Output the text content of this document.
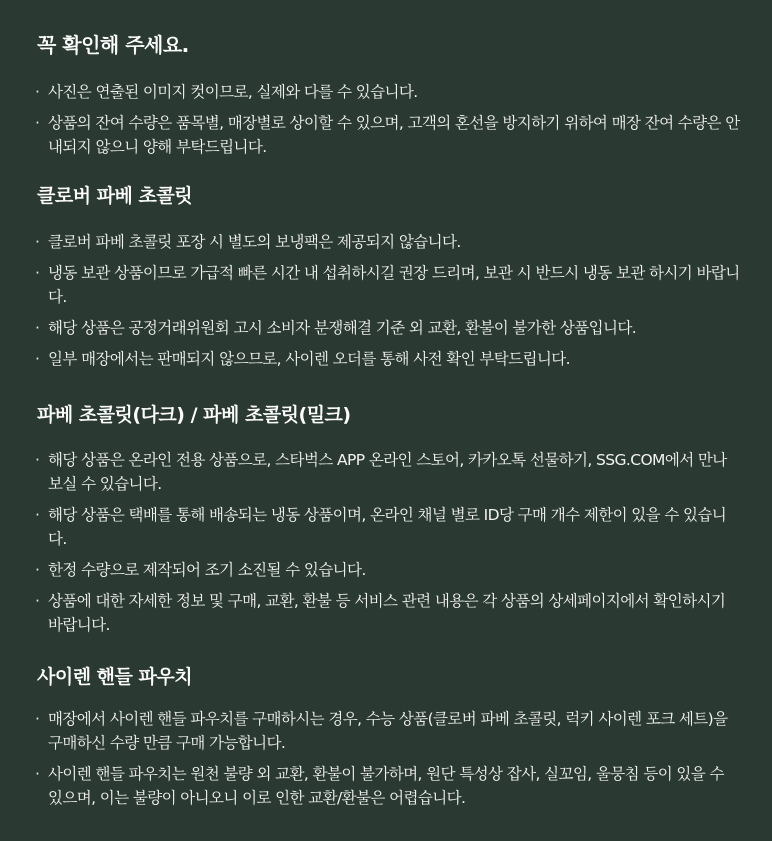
꼭 확인해 주세요.
· 사진은 연출된 이미지 컷이므로, 실제와 다를 수 있습니다.
· 상품의 잔여 수량은 품목별, 매장별로 상이할 수 있으며, 고객의 혼선을 방지하기 위하여 매장 잔여 수량은 안내되지 않으니 양해 부탁드립니다.
클로버 파베 초콜릿
· 클로버 파베 초콜릿 포장 시 별도의 보냉팩은 제공되지 않습니다.
· 냉동 보관 상품이므로 가급적 빠른 시간 내 섭취하시길 권장 드리며, 보관 시 반드시 냉동 보관 하시기 바랍니다.
· 해당 상품은 공정거래위원회 고시 소비자 분쟁해결 기준 외 교환, 환불이 불가한 상품입니다.
· 일부 매장에서는 판매되지 않으므로, 사이렌 오더를 통해 사전 확인 부탁드립니다.
파베 초콜릿(다크) / 파베 초콜릿(밀크)
· 해당 상품은 온라인 전용 상품으로, 스타벅스 APP 온라인 스토어, 카카오톡 선물하기, SSG.COM에서 만나 보실 수 있습니다.
· 해당 상품은 택배를 통해 배송되는 냉동 상품이며, 온라인 채널 별로 ID당 구매 개수 제한이 있을 수 있습니다.
· 한정 수량으로 제작되어 조기 소진될 수 있습니다.
· 상품에 대한 자세한 정보 및 구매, 교환, 환불 등 서비스 관련 내용은 각 상품의 상세페이지에서 확인하시기 바랍니다.
사이렌 핸들 파우치
· 매장에서 사이렌 핸들 파우치를 구매하시는 경우, 수능 상품(클로버 파베 초콜릿, 럭키 사이렌 포크 세트)을 구매하신 수량 만큼 구매 가능합니다.
· 사이렌 핸들 파우치는 원천 불량 외 교환, 환불이 불가하며, 원단 특성상 잡사, 실꼬임, 울뭉침 등이 있을 수 있으며, 이는 불량이 아니오니 이로 인한 교환/환불은 어렵습니다.
